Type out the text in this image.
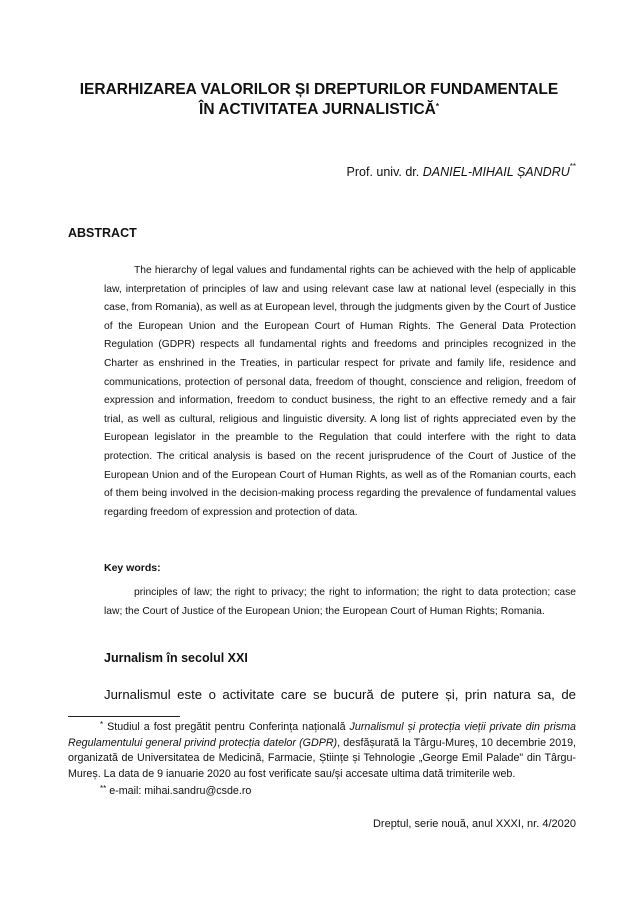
IERARHIZAREA VALORILOR ȘI DREPTURILOR FUNDAMENTALE
ÎN ACTIVITATEA JURNALISTICĂ*
Prof. univ. dr. DANIEL-MIHAIL ȘANDRU**
ABSTRACT

The hierarchy of legal values and fundamental rights can be achieved with the help of applicable law, interpretation of principles of law and using relevant case law at national level (especially in this case, from Romania), as well as at European level, through the judgments given by the Court of Justice of the European Union and the European Court of Human Rights. The General Data Protection Regulation (GDPR) respects all fundamental rights and freedoms and principles recognized in the Charter as enshrined in the Treaties, in particular respect for private and family life, residence and communications, protection of personal data, freedom of thought, conscience and religion, freedom of expression and information, freedom to conduct business, the right to an effective remedy and a fair trial, as well as cultural, religious and linguistic diversity. A long list of rights appreciated even by the European legislator in the preamble to the Regulation that could interfere with the right to data protection. The critical analysis is based on the recent jurisprudence of the Court of Justice of the European Union and of the European Court of Human Rights, as well as of the Romanian courts, each of them being involved in the decision-making process regarding the prevalence of fundamental values regarding freedom of expression and protection of data.

Key words:

principles of law; the right to privacy; the right to information; the right to data protection; case law; the Court of Justice of the European Union; the European Court of Human Rights; Romania.

Jurnalism în secolul XXI

Jurnalismul este o activitate care se bucură de putere și, prin natura sa, de

* Studiul a fost pregătit pentru Conferința națională Jurnalismul și protecția vieții private din prisma Regulamentului general privind protecția datelor (GDPR), desfășurată la Târgu-Mureș, 10 decembrie 2019, organizată de Universitatea de Medicină, Farmacie, Științe și Tehnologie „George Emil Palade" din Târgu-Mureș. La data de 9 ianuarie 2020 au fost verificate sau/și accesate ultima dată trimiterile web.

** e-mail: mihai.sandru@csde.ro

Dreptul, serie nouă, anul XXXI, nr. 4/2020
